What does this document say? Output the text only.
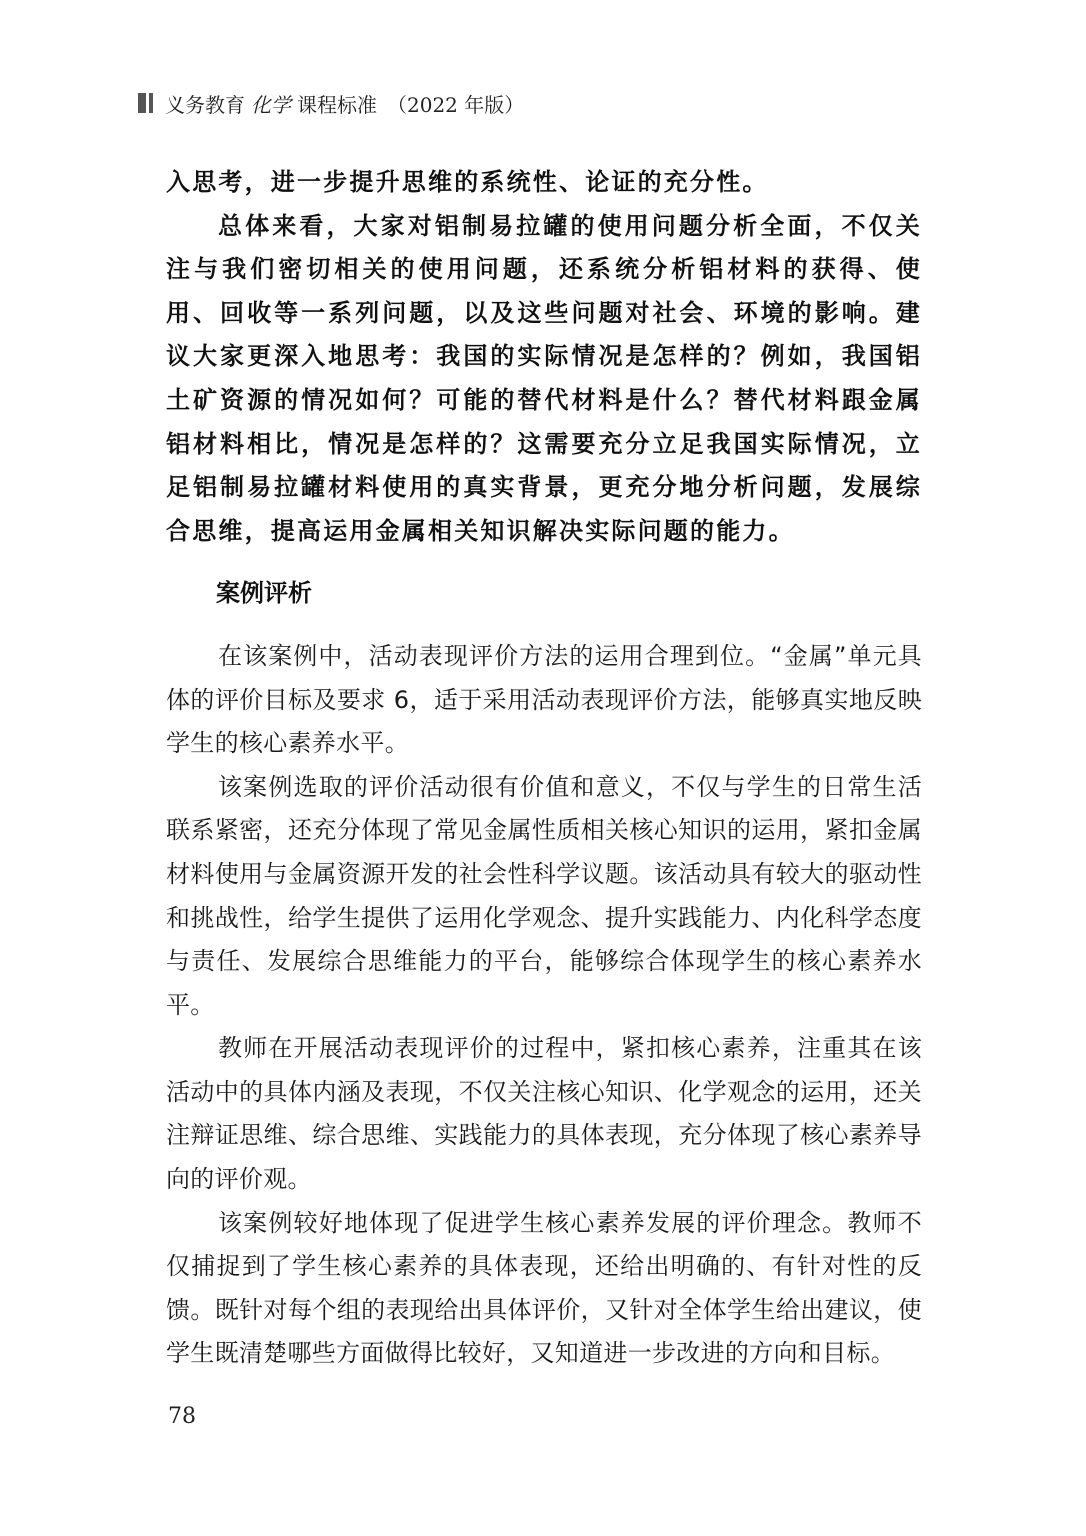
义务教育 化学 课程标准 （2022 年版）

入思考，进一步提升思维的系统性、论证的充分性。

总体来看，大家对铝制易拉罐的使用问题分析全面，不仅关注与我们密切相关的使用问题，还系统分析铝材料的获得、使用、回收等一系列问题，以及这些问题对社会、环境的影响。建议大家更深入地思考：我国的实际情况是怎样的？例如，我国铝土矿资源的情况如何？可能的替代材料是什么？替代材料跟金属铝材料相比，情况是怎样的？这需要充分立足我国实际情况，立足铝制易拉罐材料使用的真实背景，更充分地分析问题，发展综合思维，提高运用金属相关知识解决实际问题的能力。

案例评析

在该案例中，活动表现评价方法的运用合理到位。“金属”单元具体的评价目标及要求 6，适于采用活动表现评价方法，能够真实地反映学生的核心素养水平。

该案例选取的评价活动很有价值和意义，不仅与学生的日常生活联系紧密，还充分体现了常见金属性质相关核心知识的运用，紧扣金属材料使用与金属资源开发的社会性科学议题。该活动具有较大的驱动性和挑战性，给学生提供了运用化学观念、提升实践能力、内化科学态度与责任、发展综合思维能力的平台，能够综合体现学生的核心素养水平。

教师在开展活动表现评价的过程中，紧扣核心素养，注重其在该活动中的具体内涵及表现，不仅关注核心知识、化学观念的运用，还关注辩证思维、综合思维、实践能力的具体表现，充分体现了核心素养导向的评价观。

该案例较好地体现了促进学生核心素养发展的评价理念。教师不仅捕捉到了学生核心素养的具体表现，还给出明确的、有针对性的反馈。既针对每个组的表现给出具体评价，又针对全体学生给出建议，使学生既清楚哪些方面做得比较好，又知道进一步改进的方向和目标。

78
